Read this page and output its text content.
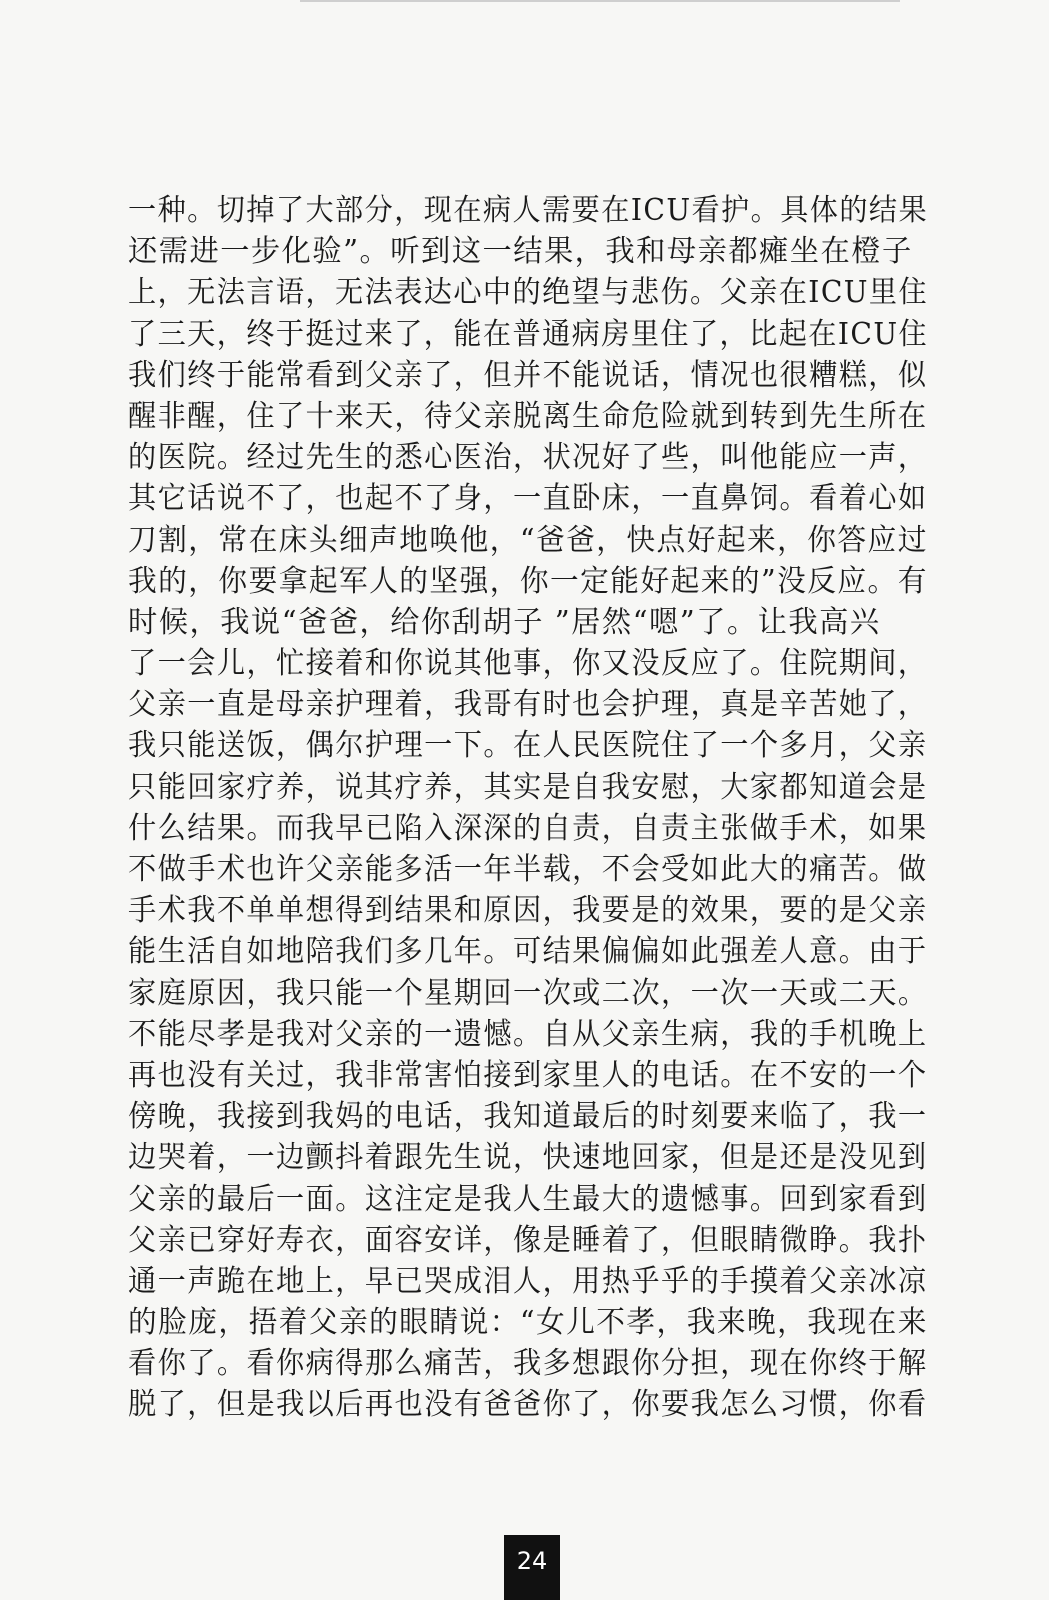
一种。切掉了大部分，现在病人需要在ICU看护。具体的结果
还需进一步化验”。听到这一结果，我和母亲都瘫坐在橙子
上，无法言语，无法表达心中的绝望与悲伤。父亲在ICU里住
了三天，终于挺过来了，能在普通病房里住了，比起在ICU住
我们终于能常看到父亲了，但并不能说话，情况也很糟糕，似
醒非醒，住了十来天，待父亲脱离生命危险就到转到先生所在
的医院。经过先生的悉心医治，状况好了些，叫他能应一声，
其它话说不了，也起不了身，一直卧床，一直鼻饲。看着心如
刀割，常在床头细声地唤他，“爸爸，快点好起来，你答应过
我的，你要拿起军人的坚强，你一定能好起来的”没反应。有
时候，我说“爸爸，给你刮胡子 ”居然“嗯”了。让我高兴
了一会儿，忙接着和你说其他事，你又没反应了。住院期间，
父亲一直是母亲护理着，我哥有时也会护理，真是辛苦她了，
我只能送饭，偶尔护理一下。在人民医院住了一个多月，父亲
只能回家疗养，说其疗养，其实是自我安慰，大家都知道会是
什么结果。而我早已陷入深深的自责，自责主张做手术，如果
不做手术也许父亲能多活一年半载，不会受如此大的痛苦。做
手术我不单单想得到结果和原因，我要是的效果，要的是父亲
能生活自如地陪我们多几年。可结果偏偏如此强差人意。由于
家庭原因，我只能一个星期回一次或二次，一次一天或二天。
不能尽孝是我对父亲的一遗憾。自从父亲生病，我的手机晚上
再也没有关过，我非常害怕接到家里人的电话。在不安的一个
傍晚，我接到我妈的电话，我知道最后的时刻要来临了，我一
边哭着，一边颤抖着跟先生说，快速地回家，但是还是没见到
父亲的最后一面。这注定是我人生最大的遗憾事。回到家看到
父亲已穿好寿衣，面容安详，像是睡着了，但眼睛微睁。我扑
通一声跪在地上，早已哭成泪人，用热乎乎的手摸着父亲冰凉
的脸庞，捂着父亲的眼睛说：“女儿不孝，我来晚，我现在来
看你了。看你病得那么痛苦，我多想跟你分担，现在你终于解
脱了，但是我以后再也没有爸爸你了，你要我怎么习惯，你看
24
